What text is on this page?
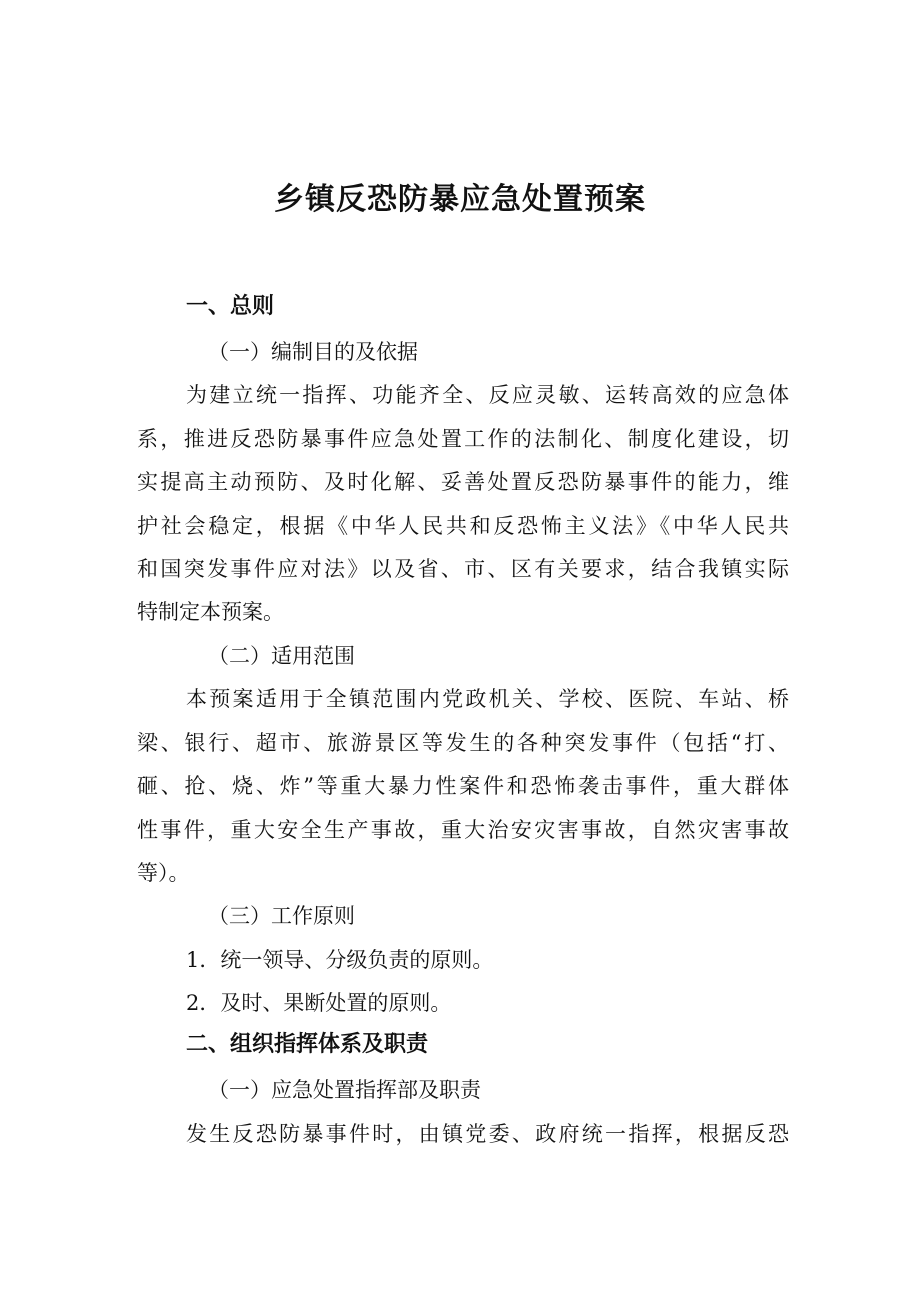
乡镇反恐防暴应急处置预案
一、总则
（一）编制目的及依据
为建立统一指挥、功能齐全、反应灵敏、运转高效的应急体
系，推进反恐防暴事件应急处置工作的法制化、制度化建设，切
实提高主动预防、及时化解、妥善处置反恐防暴事件的能力，维
护社会稳定，根据《中华人民共和反恐怖主义法》《中华人民共
和国突发事件应对法》以及省、市、区有关要求，结合我镇实际
特制定本预案。
（二）适用范围
本预案适用于全镇范围内党政机关、学校、医院、车站、桥
梁、银行、超市、旅游景区等发生的各种突发事件（包括“打、
砸、抢、烧、炸”等重大暴力性案件和恐怖袭击事件，重大群体
性事件，重大安全生产事故，重大治安灾害事故，自然灾害事故
等）。
（三）工作原则
1．统一领导、分级负责的原则。
2．及时、果断处置的原则。
二、组织指挥体系及职责
（一）应急处置指挥部及职责
发生反恐防暴事件时，由镇党委、政府统一指挥，根据反恐
